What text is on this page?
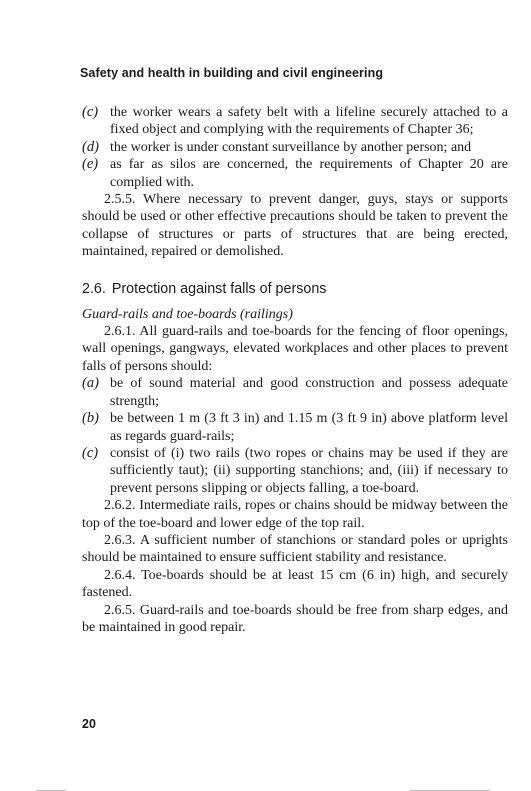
Safety and health in building and civil engineering

(c) the worker wears a safety belt with a lifeline securely attached to a fixed object and complying with the requirements of Chapter 36;

(d) the worker is under constant surveillance by another person; and

(e) as far as silos are concerned, the requirements of Chapter 20 are complied with.

2.5.5. Where necessary to prevent danger, guys, stays or supports should be used or other effective precautions should be taken to prevent the collapse of structures or parts of structures that are being erected, maintained, repaired or demolished.

2.6. Protection against falls of persons
Guard-rails and toe-boards (railings)

2.6.1. All guard-rails and toe-boards for the fencing of floor openings, wall openings, gangways, elevated workplaces and other places to prevent falls of persons should:

(a) be of sound material and good construction and possess adequate strength;

(b) be between 1 m (3 ft 3 in) and 1.15 m (3 ft 9 in) above platform level as regards guard-rails;

(c) consist of (i) two rails (two ropes or chains may be used if they are sufficiently taut); (ii) supporting stanchions; and, (iii) if necessary to prevent persons slipping or objects falling, a toe-board.

2.6.2. Intermediate rails, ropes or chains should be midway between the top of the toe-board and lower edge of the top rail.

2.6.3. A sufficient number of stanchions or standard poles or uprights should be maintained to ensure sufficient stability and resistance.

2.6.4. Toe-boards should be at least 15 cm (6 in) high, and securely fastened.

2.6.5. Guard-rails and toe-boards should be free from sharp edges, and be maintained in good repair.

20
